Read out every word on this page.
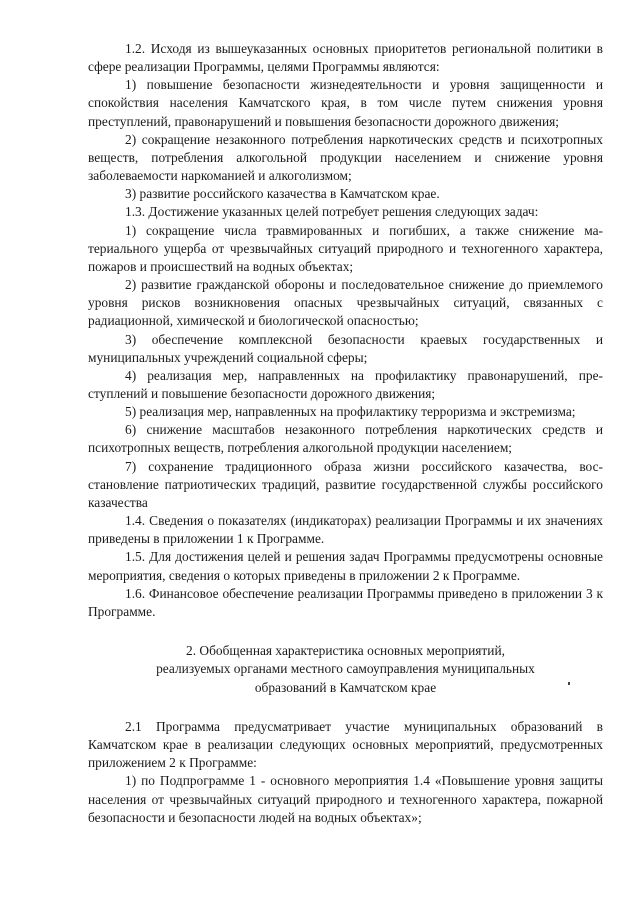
1.2. Исходя из вышеуказанных основных приоритетов региональной политики в сфере реализации Программы, целями Программы являются:

1) повышение безопасности жизнедеятельности и уровня защищенности и спокойствия населения Камчатского края, в том числе путем снижения уровня преступлений, правонарушений и повышения безопасности дорожного движения;

2) сокращение незаконного потребления наркотических средств и психотропных веществ, потребления алкогольной продукции населением и снижение уровня заболеваемости наркоманией и алкоголизмом;

3) развитие российского казачества в Камчатском крае.

1.3. Достижение указанных целей потребует решения следующих задач:

1) сокращение числа травмированных и погибших, а также снижение материального ущерба от чрезвычайных ситуаций природного и техногенного характера, пожаров и происшествий на водных объектах;

2) развитие гражданской обороны и последовательное снижение до приемлемого уровня рисков возникновения опасных чрезвычайных ситуаций, связанных с радиационной, химической и биологической опасностью;

3) обеспечение комплексной безопасности краевых государственных и муниципальных учреждений социальной сферы;

4) реализация мер, направленных на профилактику правонарушений, преступлений и повышение безопасности дорожного движения;

5) реализация мер, направленных на профилактику терроризма и экстремизма;

6) снижение масштабов незаконного потребления наркотических средств и психотропных веществ, потребления алкогольной продукции населением;

7) сохранение традиционного образа жизни российского казачества, восстановление патриотических традиций, развитие государственной службы российского казачества

1.4. Сведения о показателях (индикаторах) реализации Программы и их значениях приведены в приложении 1 к Программе.

1.5. Для достижения целей и решения задач Программы предусмотрены основные мероприятия, сведения о которых приведены в приложении 2 к Программе.

1.6. Финансовое обеспечение реализации Программы приведено в приложении 3 к Программе.

2. Обобщенная характеристика основных мероприятий,
реализуемых органами местного самоуправления муниципальных
образований в Камчатском крае

2.1 Программа предусматривает участие муниципальных образований в Камчатском крае в реализации следующих основных мероприятий, предусмотренных приложением 2 к Программе:

1) по Подпрограмме 1 - основного мероприятия 1.4 «Повышение уровня защиты населения от чрезвычайных ситуаций природного и техногенного характера, пожарной безопасности и безопасности людей на водных объектах»;
